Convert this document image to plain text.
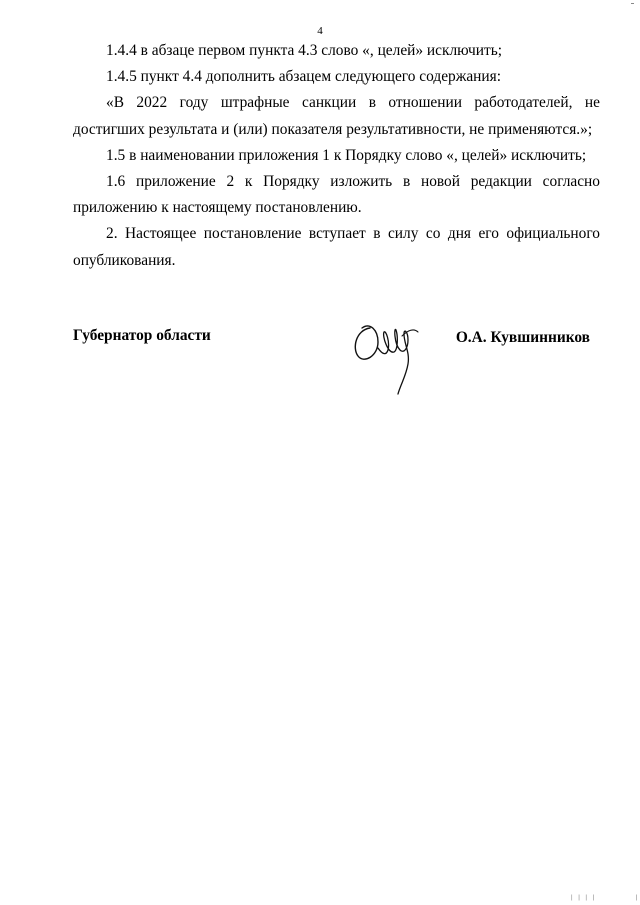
4

1.4.4 в абзаце первом пункта 4.3 слово «, целей» исключить;

1.4.5 пункт 4.4 дополнить абзацем следующего содержания:

«В 2022 году штрафные санкции в отношении работодателей, не достигших результата и (или) показателя результативности, не применяются.»;

1.5 в наименовании приложения 1 к Порядку слово «, целей» исключить;

1.6 приложение 2 к Порядку изложить в новой редакции согласно приложению к настоящему постановлению.

2. Настоящее постановление вступает в силу со дня его официального опубликования.

Губернатор области	О.А. Кувшинников
| | | |           |
